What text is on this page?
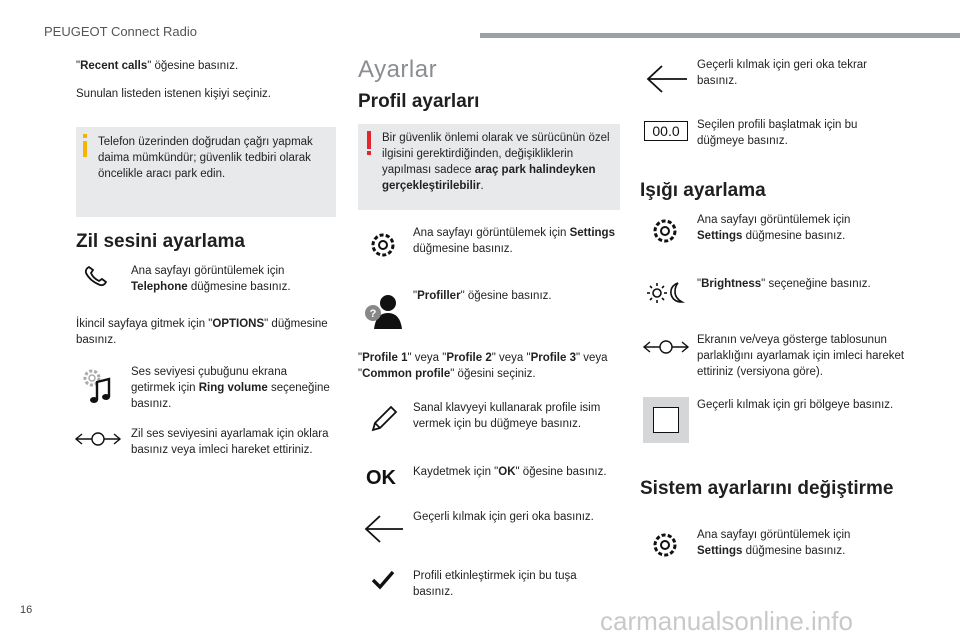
PEUGEOT Connect Radio
"Recent calls" öğesine basınız.
Sunulan listeden istenen kişiyi seçiniz.
Telefon üzerinden doğrudan çağrı yapmak daima mümkündür; güvenlik tedbiri olarak öncelikle aracı park edin.
Zil sesini ayarlama
Ana sayfayı görüntülemek için Telephone düğmesine basınız.
İkincil sayfaya gitmek için "OPTIONS" düğmesine basınız.
Ses seviyesi çubuğunu ekrana getirmek için Ring volume seçeneğine basınız.
Zil ses seviyesini ayarlamak için oklara basınız veya imleci hareket ettiriniz.
Ayarlar
Profil ayarları
Bir güvenlik önlemi olarak ve sürücünün özel ilgisini gerektirdiğinden, değişikliklerin yapılması sadece araç park halindeyken gerçekleştirilebilir.
Ana sayfayı görüntülemek için Settings düğmesine basınız.
?
"Profiller" öğesine basınız.
"Profile 1" veya "Profile 2" veya "Profile 3" veya "Common profile" öğesini seçiniz.
Sanal klavyeyi kullanarak profile isim vermek için bu düğmeye basınız.
OK Kaydetmek için "OK" öğesine basınız.
Geçerli kılmak için geri oka basınız.
Profili etkinleştirmek için bu tuşa basınız.
Geçerli kılmak için geri oka tekrar basınız.
00.0	Seçilen profili başlatmak için bu düğmeye basınız.
Işığı ayarlama
Ana sayfayı görüntülemek için Settings düğmesine basınız.
"Brightness" seçeneğine basınız.
Ekranın ve/veya gösterge tablosunun parlaklığını ayarlamak için imleci hareket ettiriniz (versiyona göre).
Geçerli kılmak için gri bölgeye basınız.
Sistem ayarlarını değiştirme
Ana sayfayı görüntülemek için Settings düğmesine basınız.
16	carmanualsonline.info
